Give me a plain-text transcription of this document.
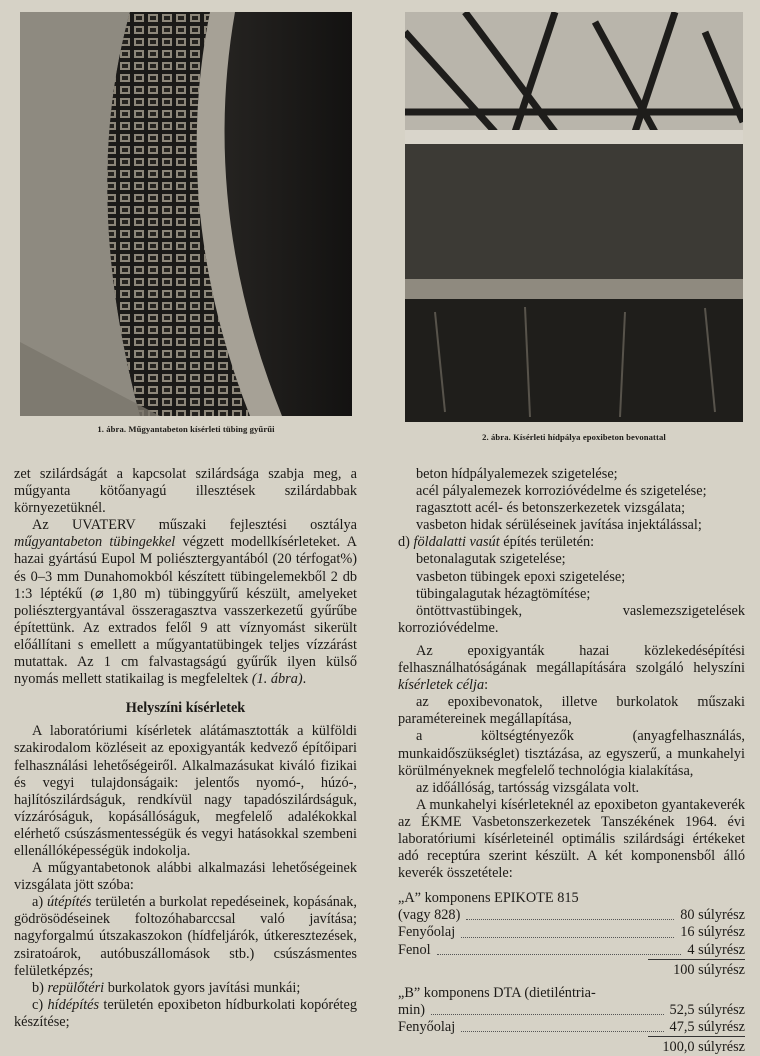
1. ábra. Műgyantabeton kísérleti tübing gyűrűi
2. ábra. Kísérleti hídpálya epoxibeton bevonattal

zet szilárdságát a kapcsolat szilárdsága szabja meg, a műgyanta kötőanyagú illesztések szilárdabbak környezetüknél.

Az UVATERV műszaki fejlesztési osztálya műgyantabeton tübingekkel végzett modellkísérleteket. A hazai gyártású Eupol M poliésztergyantából (20 térfogat%) és 0–3 mm Dunahomokból készített tübingelemekből 2 db 1:3 léptékű (⌀ 1,80 m) tübinggyűrű készült, amelyeket poliésztergyantával összeragasztva vasszerkezetű gyűrűbe építettünk. Az extrados felől 9 att víznyomást sikerült előállítani s emellett a műgyantatübingek teljes vízzárást mutattak. Az 1 cm falvastagságú gyűrűk ilyen külső nyomás mellett statikailag is megfeleltek (1. ábra).

Helyszíni kísérletek

A laboratóriumi kísérletek alátámasztották a külföldi szakirodalom közléseit az epoxigyanták kedvező építőipari felhasználási lehetőségeiről. Alkalmazásukat kiváló fizikai és vegyi tulajdonságaik: jelentős nyomó-, húzó-, hajlítószilárdságuk, rendkívül nagy tapadószilárdságuk, vízzáróságuk, kopásállóságuk, megfelelő adalékokkal elérhető csúszásmentességük és vegyi hatásokkal szembeni ellenállóképességük indokolja.

A műgyantabetonok alábbi alkalmazási lehetőségeinek vizsgálata jött szóba:

a) útépítés területén a burkolat repedéseinek, kopásának, gödrösödéseinek foltozóhabarccsal való javítása; nagyforgalmú útszakaszokon (hídfeljárók, útkeresztezések, zsiratoárok, autóbuszállomások stb.) csúszásmentes felületképzés;

b) repülőtéri burkolatok gyors javítási munkái;

c) hídépítés területén epoxibeton hídburkolati kopóréteg készítése;

beton hídpályalemezek szigetelése;

acél pályalemezek korrozióvédelme és szigetelése;

ragasztott acél- és betonszerkezetek vizsgálata;

vasbeton hidak sérüléseinek javítása injektálással;

d) földalatti vasút építés területén:

betonalagutak szigetelése;

vasbeton tübingek epoxi szigetelése;

tübingalagutak hézagtömítése;

öntöttvastübingek, vaslemezszigetelések korrozióvédelme.

Az epoxigyanták hazai közlekedésépítési felhasználhatóságának megállapítására szolgáló helyszíni kísérletek célja:

az epoxibevonatok, illetve burkolatok műszaki paramétereinek megállapítása,

a költségtényezők (anyagfelhasználás, munkaidőszükséglet) tisztázása, az egyszerű, a munkahelyi körülményeknek megfelelő technológia kialakítása,

az időállóság, tartósság vizsgálata volt.

A munkahelyi kísérleteknél az epoxibeton gyantakeverék az ÉKME Vasbetonszerkezetek Tanszékének 1964. évi laboratóriumi kísérleteinél optimális szilárdsági értékeket adó receptúra szerint készült. A két komponensből álló keverék összetétele:

„A” komponens EPIKOTE 815
(vagy 828)	80 súlyrész
Fenyőolaj	16 súlyrész
Fenol	4 súlyrész
100 súlyrész
„B” komponens DTA (dietiléntria-
min)	52,5 súlyrész
Fenyőolaj	47,5 súlyrész
100,0 súlyrész
